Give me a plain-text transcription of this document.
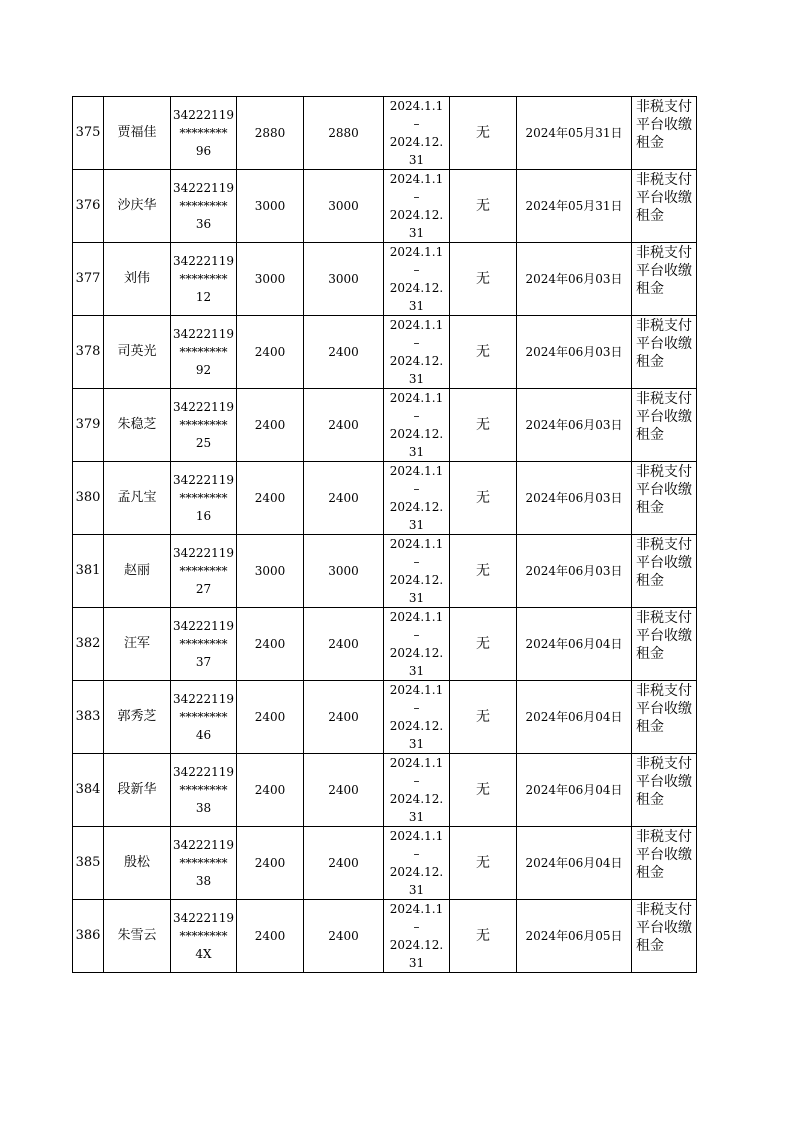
375	贾福佳	34222119
********
96	2880	2880	2024.1.1
–
2024.12.
31	无	2024年05月31日	非税支付平台收缴租金

376	沙庆华	34222119
********
36	3000	3000	2024.1.1
–
2024.12.
31	无	2024年05月31日	非税支付平台收缴租金

377	刘伟	34222119
********
12	3000	3000	2024.1.1
–
2024.12.
31	无	2024年06月03日	非税支付平台收缴租金

378	司英光	34222119
********
92	2400	2400	2024.1.1
–
2024.12.
31	无	2024年06月03日	非税支付平台收缴租金

379	朱稳芝	34222119
********
25	2400	2400	2024.1.1
–
2024.12.
31	无	2024年06月03日	非税支付平台收缴租金

380	孟凡宝	34222119
********
16	2400	2400	2024.1.1
–
2024.12.
31	无	2024年06月03日	非税支付平台收缴租金

381	赵丽	34222119
********
27	3000	3000	2024.1.1
–
2024.12.
31	无	2024年06月03日	非税支付平台收缴租金

382	汪军	34222119
********
37	2400	2400	2024.1.1
–
2024.12.
31	无	2024年06月04日	非税支付平台收缴租金

383	郭秀芝	34222119
********
46	2400	2400	2024.1.1
–
2024.12.
31	无	2024年06月04日	非税支付平台收缴租金

384	段新华	34222119
********
38	2400	2400	2024.1.1
–
2024.12.
31	无	2024年06月04日	非税支付平台收缴租金

385	殷松	34222119
********
38	2400	2400	2024.1.1
–
2024.12.
31	无	2024年06月04日	非税支付平台收缴租金

386	朱雪云	34222119
********
4X	2400	2400	2024.1.1
–
2024.12.
31	无	2024年06月05日	非税支付平台收缴租金
